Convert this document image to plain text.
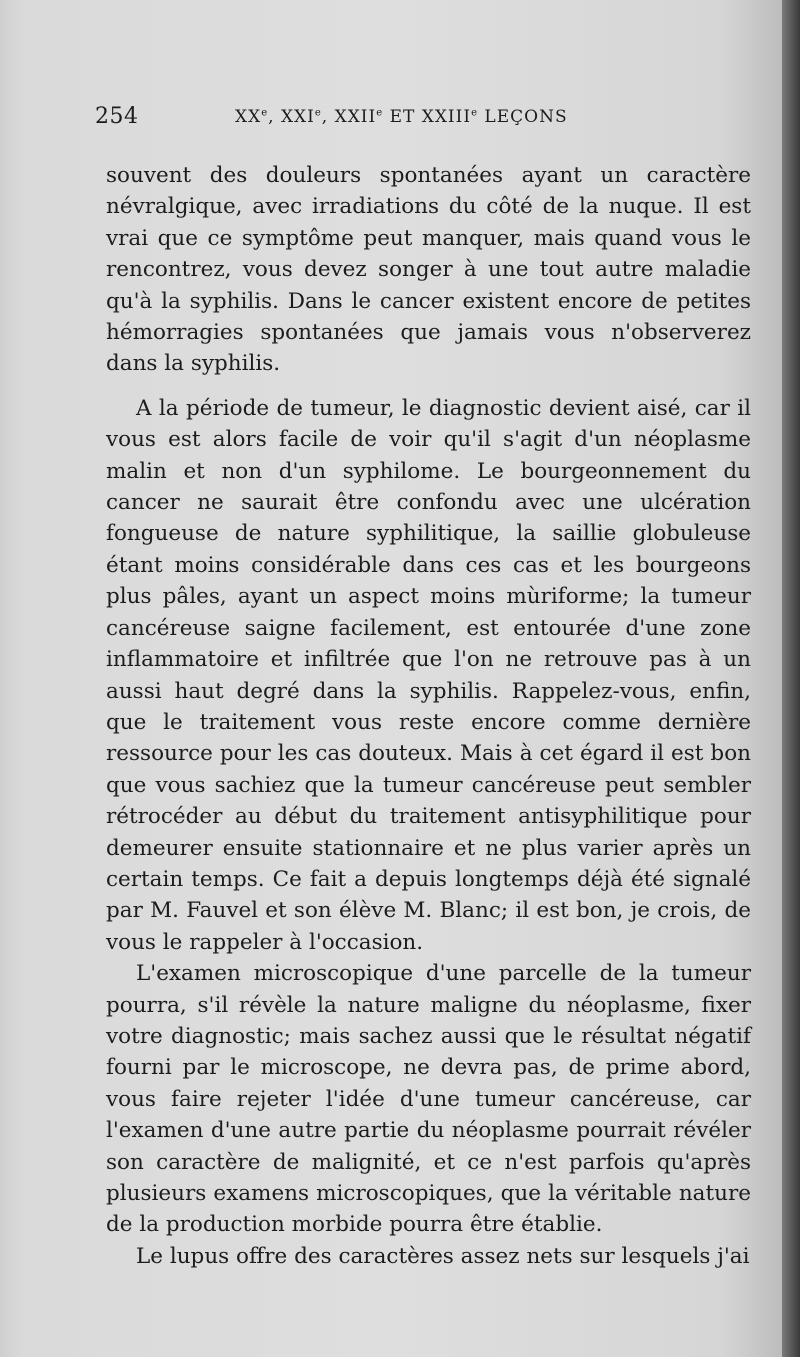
254	XXe, XXIe, XXIIe ET XXIIIe LEÇONS

souvent des douleurs spontanées ayant un caractère névralgique, avec irradiations du côté de la nuque. Il est vrai que ce symptôme peut manquer, mais quand vous le rencontrez, vous devez songer à une tout autre maladie qu'à la syphilis. Dans le cancer existent encore de petites hémorragies spontanées que jamais vous n'observerez dans la syphilis.

A la période de tumeur, le diagnostic devient aisé, car il vous est alors facile de voir qu'il s'agit d'un néoplasme malin et non d'un syphilome. Le bourgeonnement du cancer ne saurait être confondu avec une ulcération fongueuse de nature syphilitique, la saillie globuleuse étant moins considérable dans ces cas et les bourgeons plus pâles, ayant un aspect moins mùriforme; la tumeur cancéreuse saigne facilement, est entourée d'une zone inflammatoire et infiltrée que l'on ne retrouve pas à un aussi haut degré dans la syphilis. Rappelez-vous, enfin, que le traitement vous reste encore comme dernière ressource pour les cas douteux. Mais à cet égard il est bon que vous sachiez que la tumeur cancéreuse peut sembler rétrocéder au début du traitement antisyphilitique pour demeurer ensuite stationnaire et ne plus varier après un certain temps. Ce fait a depuis longtemps déjà été signalé par M. Fauvel et son élève M. Blanc; il est bon, je crois, de vous le rappeler à l'occasion.

L'examen microscopique d'une parcelle de la tumeur pourra, s'il révèle la nature maligne du néoplasme, fixer votre diagnostic; mais sachez aussi que le résultat négatif fourni par le microscope, ne devra pas, de prime abord, vous faire rejeter l'idée d'une tumeur cancéreuse, car l'examen d'une autre partie du néoplasme pourrait révéler son caractère de malignité, et ce n'est parfois qu'après plusieurs examens microscopiques, que la véritable nature de la production morbide pourra être établie.

Le lupus offre des caractères assez nets sur lesquels j'ai
